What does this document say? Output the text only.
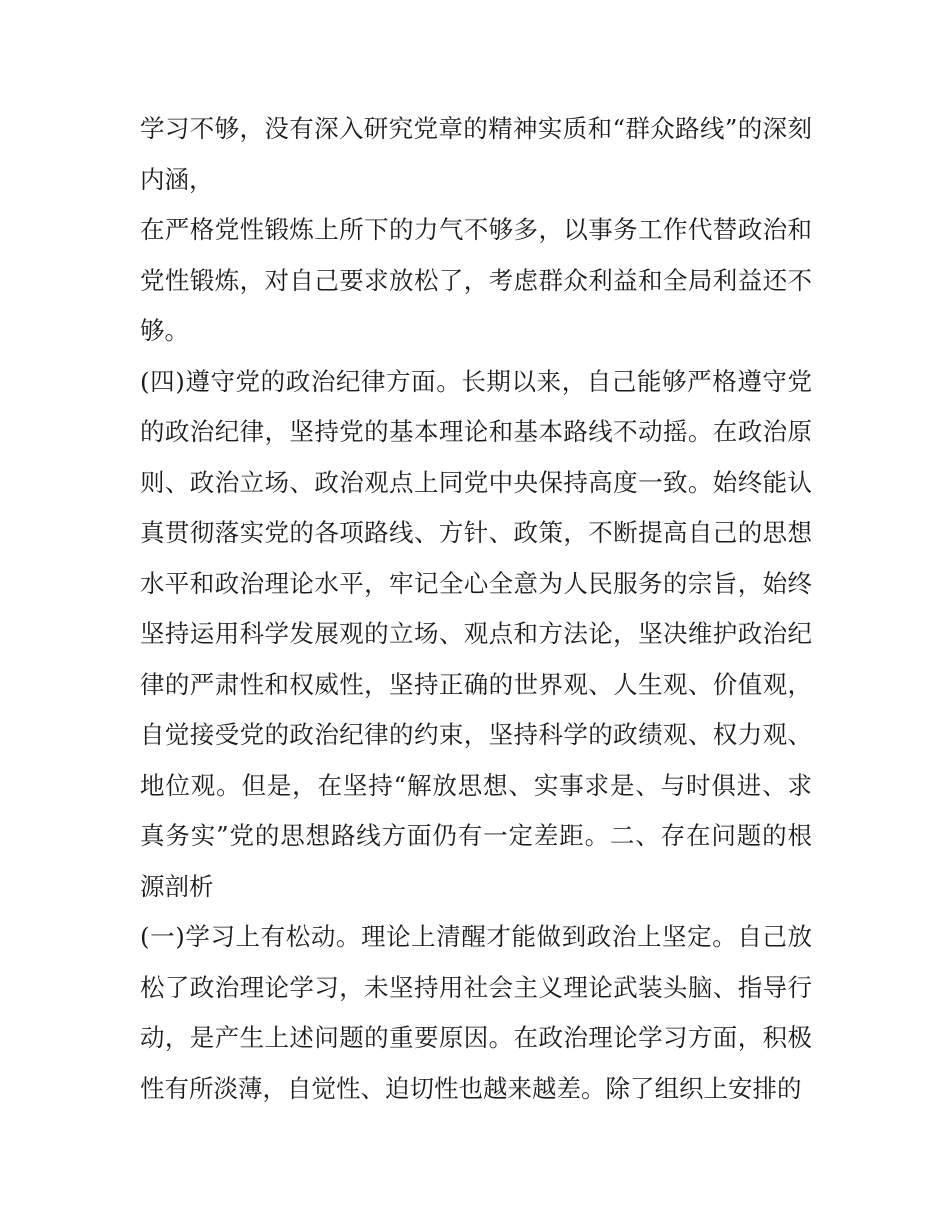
学习不够，没有深入研究党章的精神实质和“群众路线”的深刻内涵，

在严格党性锻炼上所下的力气不够多，以事务工作代替政治和党性锻炼，对自己要求放松了，考虑群众利益和全局利益还不够。

(四)遵守党的政治纪律方面。长期以来，自己能够严格遵守党的政治纪律，坚持党的基本理论和基本路线不动摇。在政治原则、政治立场、政治观点上同党中央保持高度一致。始终能认真贯彻落实党的各项路线、方针、政策，不断提高自己的思想水平和政治理论水平，牢记全心全意为人民服务的宗旨，始终坚持运用科学发展观的立场、观点和方法论，坚决维护政治纪律的严肃性和权威性，坚持正确的世界观、人生观、价值观，自觉接受党的政治纪律的约束，坚持科学的政绩观、权力观、地位观。但是，在坚持“解放思想、实事求是、与时俱进、求真务实”党的思想路线方面仍有一定差距。二、存在问题的根源剖析

(一)学习上有松动。理论上清醒才能做到政治上坚定。自己放松了政治理论学习，未坚持用社会主义理论武装头脑、指导行动，是产生上述问题的重要原因。在政治理论学习方面，积极性有所淡薄，自觉性、迫切性也越来越差。除了组织上安排的
